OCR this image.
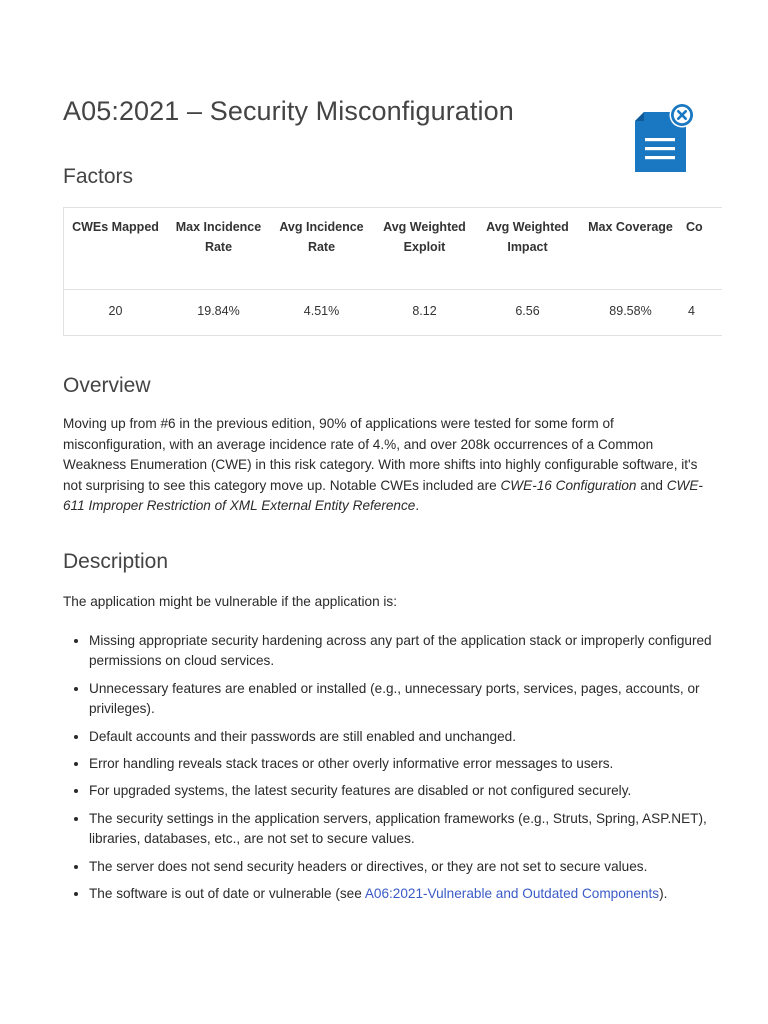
A05:2021 – Security Misconfiguration
Factors
CWEs Mapped	Max Incidence Rate	Avg Incidence Rate	Avg Weighted Exploit	Avg Weighted Impact	Max Coverage	Co
20	19.84%	4.51%	8.12	6.56	89.58%	4
Overview

Moving up from #6 in the previous edition, 90% of applications were tested for some form of misconfiguration, with an average incidence rate of 4.%, and over 208k occurrences of a Common Weakness Enumeration (CWE) in this risk category. With more shifts into highly configurable software, it's not surprising to see this category move up. Notable CWEs included are CWE-16 Configuration and CWE-611 Improper Restriction of XML External Entity Reference.

Description

The application might be vulnerable if the application is:

• Missing appropriate security hardening across any part of the application stack or improperly configured permissions on cloud services.
• Unnecessary features are enabled or installed (e.g., unnecessary ports, services, pages, accounts, or privileges).
• Default accounts and their passwords are still enabled and unchanged.
• Error handling reveals stack traces or other overly informative error messages to users.
• For upgraded systems, the latest security features are disabled or not configured securely.
• The security settings in the application servers, application frameworks (e.g., Struts, Spring, ASP.NET), libraries, databases, etc., are not set to secure values.
• The server does not send security headers or directives, or they are not set to secure values.
• The software is out of date or vulnerable (see A06:2021-Vulnerable and Outdated Components).
